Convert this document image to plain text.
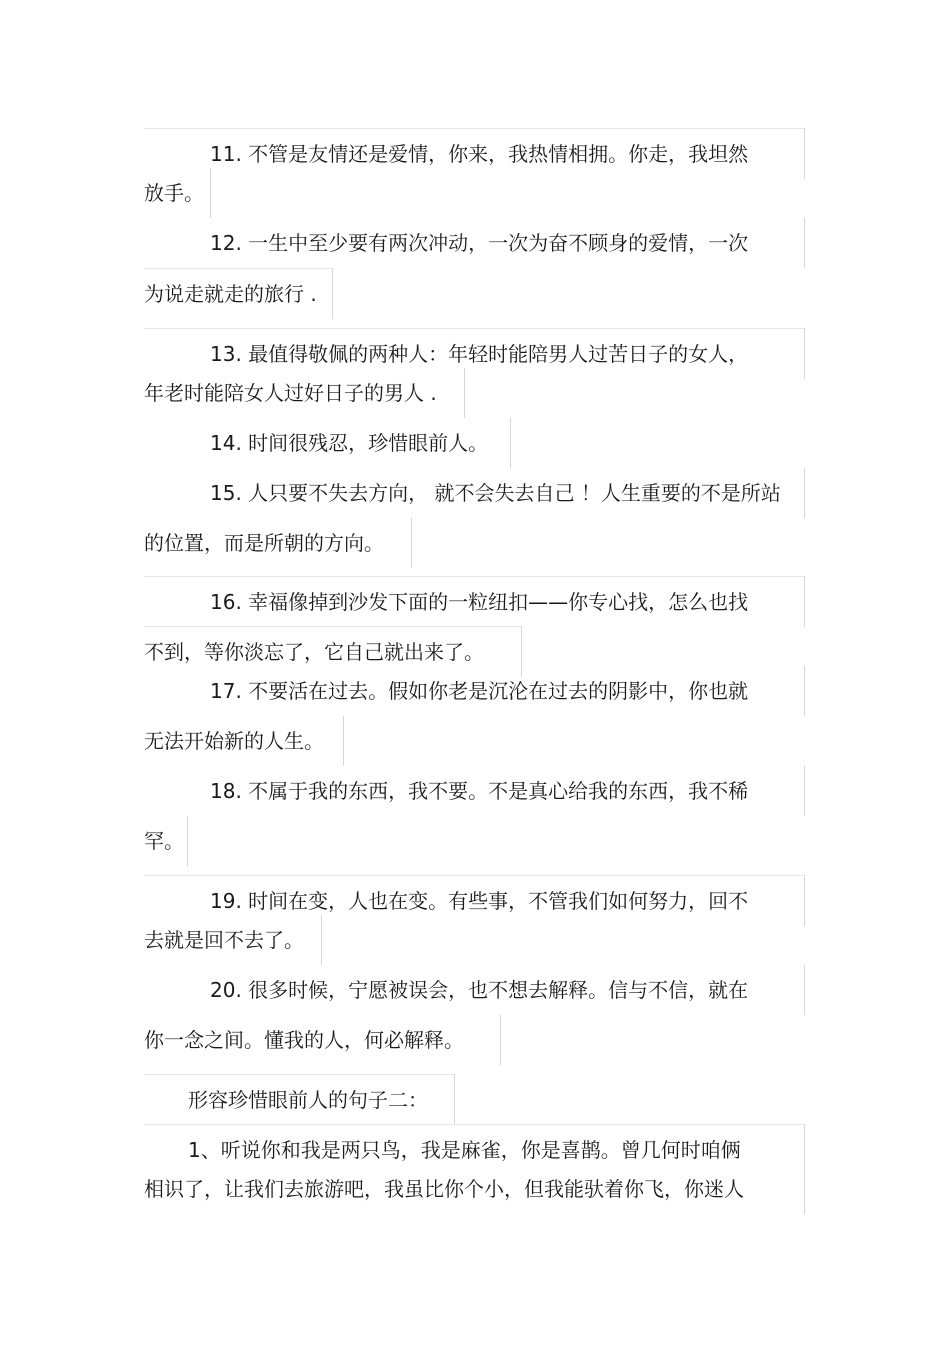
11. 不管是友情还是爱情，你来，我热情相拥。你走，我坦然
放手。
12. 一生中至少要有两次冲动，一次为奋不顾身的爱情，一次
为说走就走的旅行 .
13. 最值得敬佩的两种人：年轻时能陪男人过苦日子的女人，
年老时能陪女人过好日子的男人 .
14. 时间很残忍，珍惜眼前人。
15. 人只要不失去方向， 就不会失去自己 ！人生重要的不是所站
的位置，而是所朝的方向。
16. 幸福像掉到沙发下面的一粒纽扣——你专心找，怎么也找
不到，等你淡忘了，它自己就出来了。
17. 不要活在过去。假如你老是沉沦在过去的阴影中，你也就
无法开始新的人生。
18. 不属于我的东西，我不要。不是真心给我的东西，我不稀
罕。
19. 时间在变，人也在变。有些事，不管我们如何努力，回不
去就是回不去了。
20. 很多时候，宁愿被误会，也不想去解释。信与不信，就在
你一念之间。懂我的人，何必解释。
形容珍惜眼前人的句子二：
1、听说你和我是两只鸟，我是麻雀，你是喜鹊。曾几何时咱俩
相识了，让我们去旅游吧，我虽比你个小，但我能驮着你飞，你迷人
